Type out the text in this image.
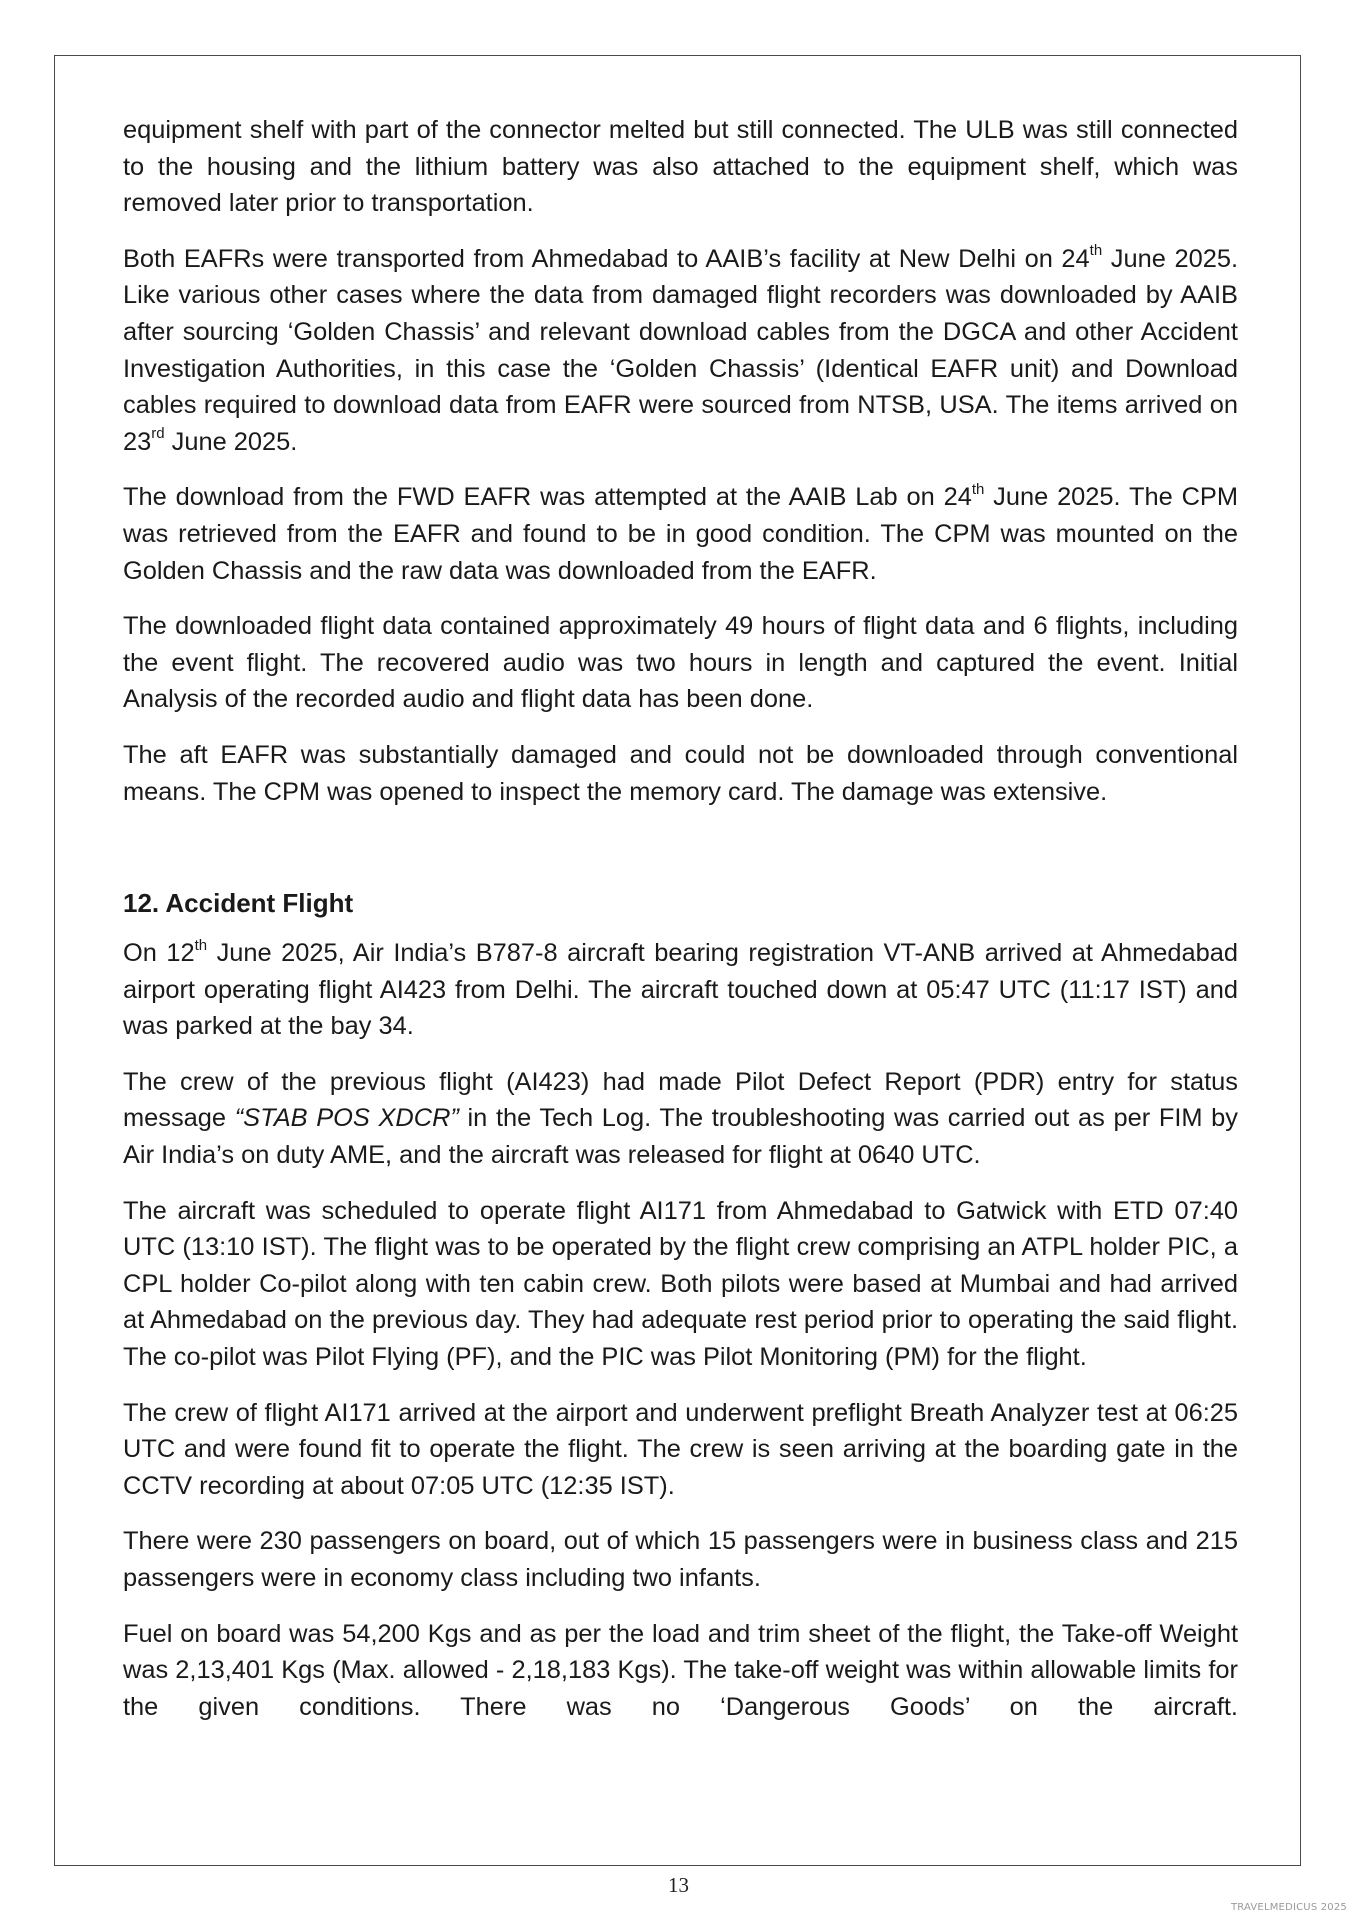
equipment shelf with part of the connector melted but still connected. The ULB was still connected to the housing and the lithium battery was also attached to the equipment shelf, which was removed later prior to transportation.

Both EAFRs were transported from Ahmedabad to AAIB’s facility at New Delhi on 24th June 2025. Like various other cases where the data from damaged flight recorders was downloaded by AAIB after sourcing ‘Golden Chassis’ and relevant download cables from the DGCA and other Accident Investigation Authorities, in this case the ‘Golden Chassis’ (Identical EAFR unit) and Download cables required to download data from EAFR were sourced from NTSB, USA. The items arrived on 23rd June 2025.

The download from the FWD EAFR was attempted at the AAIB Lab on 24th June 2025. The CPM was retrieved from the EAFR and found to be in good condition. The CPM was mounted on the Golden Chassis and the raw data was downloaded from the EAFR.

The downloaded flight data contained approximately 49 hours of flight data and 6 flights, including the event flight. The recovered audio was two hours in length and captured the event. Initial Analysis of the recorded audio and flight data has been done.

The aft EAFR was substantially damaged and could not be downloaded through conventional means. The CPM was opened to inspect the memory card. The damage was extensive.

12. Accident Flight

On 12th June 2025, Air India’s B787-8 aircraft bearing registration VT-ANB arrived at Ahmedabad airport operating flight AI423 from Delhi. The aircraft touched down at 05:47 UTC (11:17 IST) and was parked at the bay 34.

The crew of the previous flight (AI423) had made Pilot Defect Report (PDR) entry for status message “STAB POS XDCR” in the Tech Log. The troubleshooting was carried out as per FIM by Air India’s on duty AME, and the aircraft was released for flight at 0640 UTC.

The aircraft was scheduled to operate flight AI171 from Ahmedabad to Gatwick with ETD 07:40 UTC (13:10 IST). The flight was to be operated by the flight crew comprising an ATPL holder PIC, a CPL holder Co-pilot along with ten cabin crew. Both pilots were based at Mumbai and had arrived at Ahmedabad on the previous day. They had adequate rest period prior to operating the said flight. The co-pilot was Pilot Flying (PF), and the PIC was Pilot Monitoring (PM) for the flight.

The crew of flight AI171 arrived at the airport and underwent preflight Breath Analyzer test at 06:25 UTC and were found fit to operate the flight. The crew is seen arriving at the boarding gate in the CCTV recording at about 07:05 UTC (12:35 IST).

There were 230 passengers on board, out of which 15 passengers were in business class and 215 passengers were in economy class including two infants.

Fuel on board was 54,200 Kgs and as per the load and trim sheet of the flight, the Take-off Weight was 2,13,401 Kgs (Max. allowed - 2,18,183 Kgs). The take-off weight was within allowable limits for the given conditions. There was no ‘Dangerous Goods’ on the aircraft.

13
TRAVELMEDICUS 2025
